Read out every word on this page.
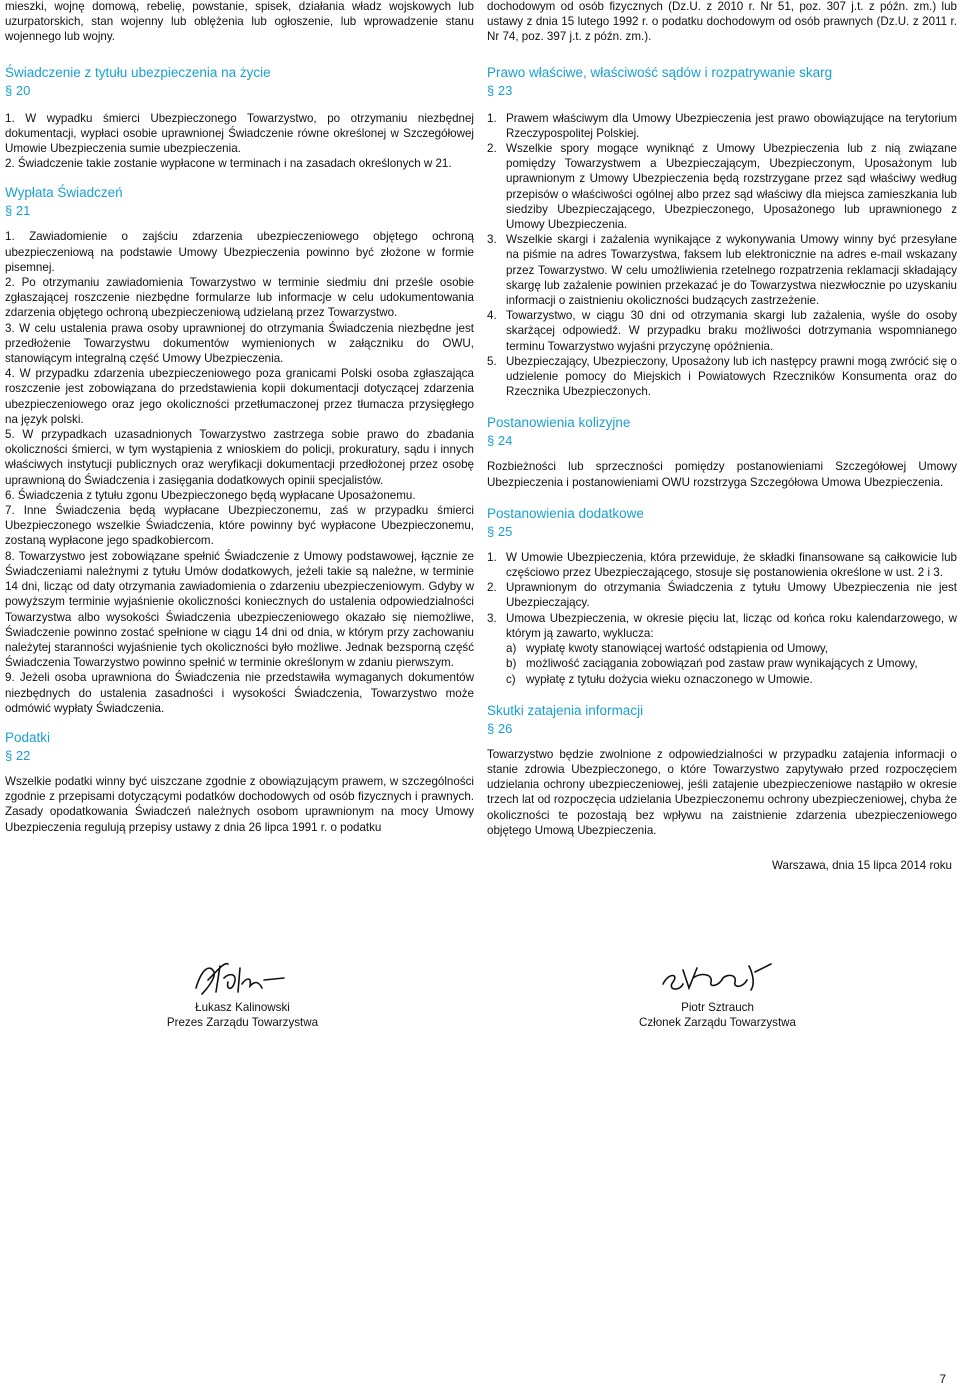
mieszki, wojnę domową, rebelię, powstanie, spisek, działania władz wojskowych lub uzurpatorskich, stan wojenny lub oblężenia lub ogłoszenie, lub wprowadzenie stanu wojennego lub wojny.

Świadczenie z tytułu ubezpieczenia na życie
§ 20
1. W wypadku śmierci Ubezpieczonego Towarzystwo, po otrzymaniu niezbędnej dokumentacji, wypłaci osobie uprawnionej Świadczenie równe określonej w Szczegółowej Umowie Ubezpieczenia sumie ubezpieczenia.
2. Świadczenie takie zostanie wypłacone w terminach i na zasadach określonych w 21.
Wypłata Świadczeń
§ 21
1. Zawiadomienie o zajściu zdarzenia ubezpieczeniowego objętego ochroną ubezpieczeniową na podstawie Umowy Ubezpieczenia powinno być złożone w formie pisemnej.
2. Po otrzymaniu zawiadomienia Towarzystwo w terminie siedmiu dni prześle osobie zgłaszającej roszczenie niezbędne formularze lub informacje w celu udokumentowania zdarzenia objętego ochroną ubezpieczeniową udzielaną przez Towarzystwo.
3. W celu ustalenia prawa osoby uprawnionej do otrzymania Świadczenia niezbędne jest przedłożenie Towarzystwu dokumentów wymienionych w załączniku do OWU, stanowiącym integralną część Umowy Ubezpieczenia.
4. W przypadku zdarzenia ubezpieczeniowego poza granicami Polski osoba zgłaszająca roszczenie jest zobowiązana do przedstawienia kopii dokumentacji dotyczącej zdarzenia ubezpieczeniowego oraz jego okoliczności przetłumaczonej przez tłumacza przysięgłego na język polski.
5. W przypadkach uzasadnionych Towarzystwo zastrzega sobie prawo do zbadania okoliczności śmierci, w tym wystąpienia z wnioskiem do policji, prokuratury, sądu i innych właściwych instytucji publicznych oraz weryfikacji dokumentacji przedłożonej przez osobę uprawnioną do Świadczenia i zasięgania dodatkowych opinii specjalistów.
6. Świadczenia z tytułu zgonu Ubezpieczonego będą wypłacane Uposażonemu.
7. Inne Świadczenia będą wypłacane Ubezpieczonemu, zaś w przypadku śmierci Ubezpieczonego wszelkie Świadczenia, które powinny być wypłacone Ubezpieczonemu, zostaną wypłacone jego spadkobiercom.
8. Towarzystwo jest zobowiązane spełnić Świadczenie z Umowy podstawowej, łącznie ze Świadczeniami należnymi z tytułu Umów dodatkowych, jeżeli takie są należne, w terminie 14 dni, licząc od daty otrzymania zawiadomienia o zdarzeniu ubezpieczeniowym. Gdyby w powyższym terminie wyjaśnienie okoliczności koniecznych do ustalenia odpowiedzialności Towarzystwa albo wysokości Świadczenia ubezpieczeniowego okazało się niemożliwe, Świadczenie powinno zostać spełnione w ciągu 14 dni od dnia, w którym przy zachowaniu należytej staranności wyjaśnienie tych okoliczności było możliwe. Jednak bezsporną część Świadczenia Towarzystwo powinno spełnić w terminie określonym w zdaniu pierwszym.
9. Jeżeli osoba uprawniona do Świadczenia nie przedstawiła wymaganych dokumentów niezbędnych do ustalenia zasadności i wysokości Świadczenia, Towarzystwo może odmówić wypłaty Świadczenia.
Podatki
§ 22

Wszelkie podatki winny być uiszczane zgodnie z obowiązującym prawem, w szczególności zgodnie z przepisami dotyczącymi podatków dochodowych od osób fizycznych i prawnych. Zasady opodatkowania Świadczeń należnych osobom uprawnionym na mocy Umowy Ubezpieczenia regulują przepisy ustawy z dnia 26 lipca 1991 r. o podatku

dochodowym od osób fizycznych (Dz.U. z 2010 r. Nr 51, poz. 307 j.t. z późn. zm.) lub ustawy z dnia 15 lutego 1992 r. o podatku dochodowym od osób prawnych (Dz.U. z 2011 r. Nr 74, poz. 397 j.t. z późn. zm.).

Prawo właściwe, właściwość sądów i rozpatrywanie skarg
§ 23
1. Prawem właściwym dla Umowy Ubezpieczenia jest prawo obowiązujące na terytorium Rzeczypospolitej Polskiej.
2. Wszelkie spory mogące wyniknąć z Umowy Ubezpieczenia lub z nią związane pomiędzy Towarzystwem a Ubezpieczającym, Ubezpieczonym, Uposażonym lub uprawnionym z Umowy Ubezpieczenia będą rozstrzygane przez sąd właściwy według przepisów o właściwości ogólnej albo przez sąd właściwy dla miejsca zamieszkania lub siedziby Ubezpieczającego, Ubezpieczonego, Uposażonego lub uprawnionego z Umowy Ubezpieczenia.
3. Wszelkie skargi i zażalenia wynikające z wykonywania Umowy winny być przesyłane na piśmie na adres Towarzystwa, faksem lub elektronicznie na adres e-mail wskazany przez Towarzystwo. W celu umożliwienia rzetelnego rozpatrzenia reklamacji składający skargę lub zażalenie powinien przekazać je do Towarzystwa niezwłocznie po uzyskaniu informacji o zaistnieniu okoliczności budzących zastrzeżenie.
4. Towarzystwo, w ciągu 30 dni od otrzymania skargi lub zażalenia, wyśle do osoby skarżącej odpowiedź. W przypadku braku możliwości dotrzymania wspomnianego terminu Towarzystwo wyjaśni przyczynę opóźnienia.
5. Ubezpieczający, Ubezpieczony, Uposażony lub ich następcy prawni mogą zwrócić się o udzielenie pomocy do Miejskich i Powiatowych Rzeczników Konsumenta oraz do Rzecznika Ubezpieczonych.
Postanowienia kolizyjne
§ 24

Rozbieżności lub sprzeczności pomiędzy postanowieniami Szczegółowej Umowy Ubezpieczenia i postanowieniami OWU rozstrzyga Szczegółowa Umowa Ubezpieczenia.

Postanowienia dodatkowe
§ 25
1. W Umowie Ubezpieczenia, która przewiduje, że składki finansowane są całkowicie lub częściowo przez Ubezpieczającego, stosuje się postanowienia określone w ust. 2 i 3.
2. Uprawnionym do otrzymania Świadczenia z tytułu Umowy Ubezpieczenia nie jest Ubezpieczający.
3. Umowa Ubezpieczenia, w okresie pięciu lat, licząc od końca roku kalendarzowego, w którym ją zawarto, wyklucza:
a) wypłatę kwoty stanowiącej wartość odstąpienia od Umowy,
b) możliwość zaciągania zobowiązań pod zastaw praw wynikających z Umowy,
c) wypłatę z tytułu dożycia wieku oznaczonego w Umowie.
Skutki zatajenia informacji
§ 26

Towarzystwo będzie zwolnione z odpowiedzialności w przypadku zatajenia informacji o stanie zdrowia Ubezpieczonego, o które Towarzystwo zapytywało przed rozpoczęciem udzielania ochrony ubezpieczeniowej, jeśli zatajenie ubezpieczeniowe nastąpiło w okresie trzech lat od rozpoczęcia udzielania Ubezpieczonemu ochrony ubezpieczeniowej, chyba że okoliczności te pozostają bez wpływu na zaistnienie zdarzenia ubezpieczeniowego objętego Umową Ubezpieczenia.

Warszawa, dnia 15 lipca 2014 roku

Łukasz Kalinowski
Prezes Zarządu Towarzystwa
Piotr Sztrauch
Członek Zarządu Towarzystwa
7
